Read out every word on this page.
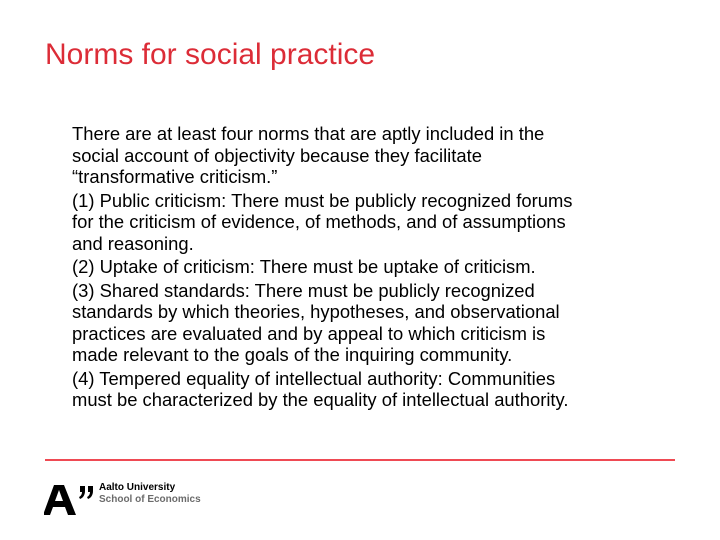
Norms for social practice

There are at least four norms that are aptly included in the
social account of objectivity because they facilitate
“transformative criticism.”

(1) Public criticism: There must be publicly recognized forums
for the criticism of evidence, of methods, and of assumptions
and reasoning.

(2) Uptake of criticism: There must be uptake of criticism.

(3) Shared standards: There must be publicly recognized
standards by which theories, hypotheses, and observational
practices are evaluated and by appeal to which criticism is
made relevant to the goals of the inquiring community.

(4) Tempered equality of intellectual authority: Communities
must be characterized by the equality of intellectual authority.

Aalto University
School of Economics
